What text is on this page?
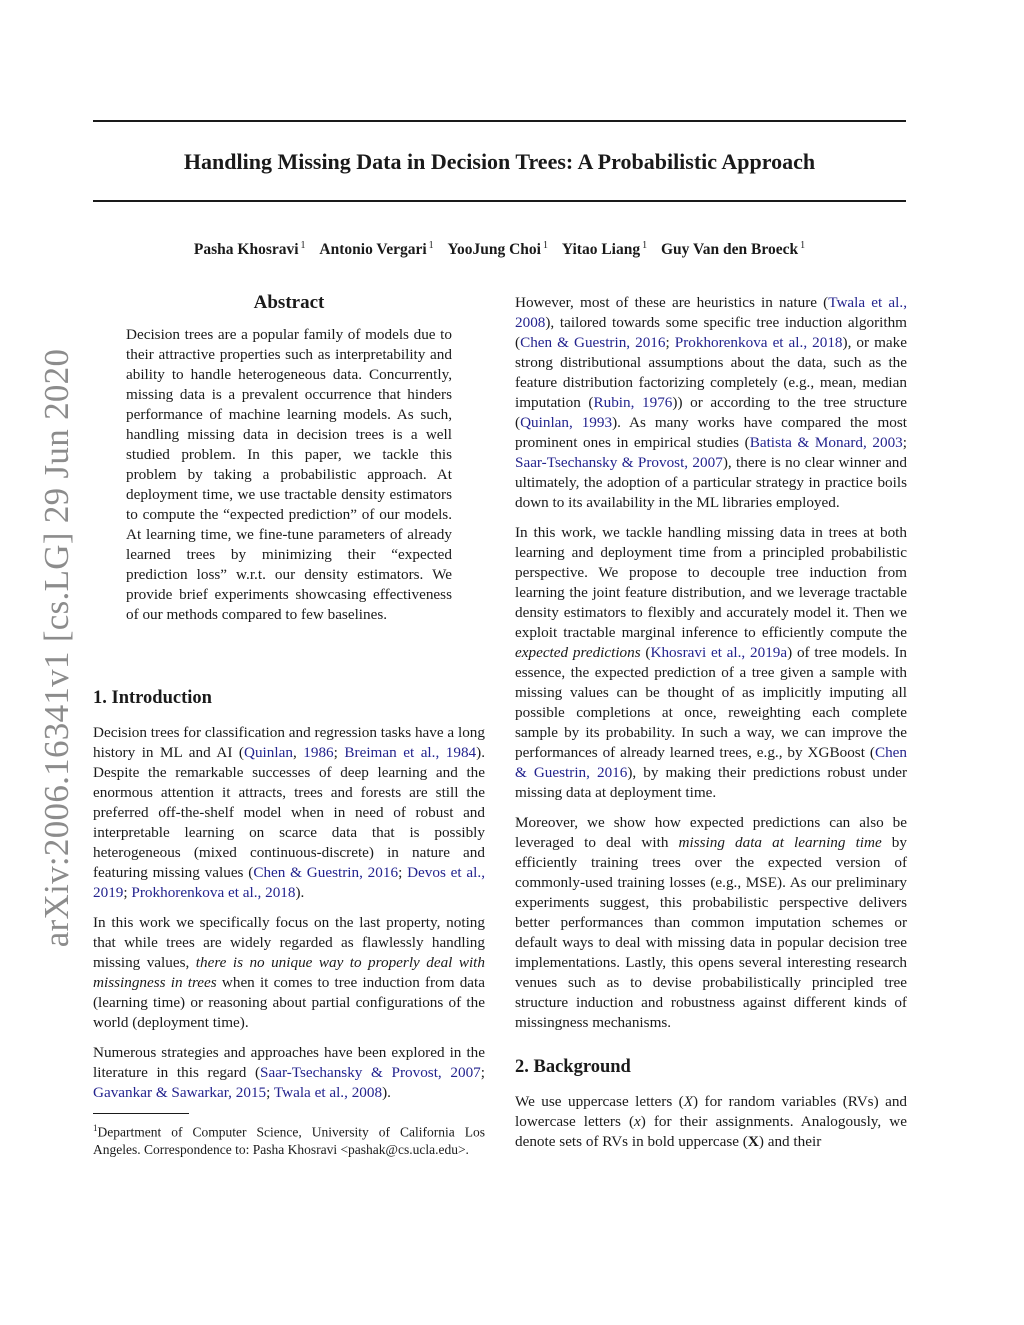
Handling Missing Data in Decision Trees: A Probabilistic Approach
Pasha Khosravi $^1$ Antonio Vergari $^1$ YooJung Choi $^1$ Yitao Liang $^1$ Guy Van den Broeck $^1$
arXiv:2006.16341v1 [cs.LG] 29 Jun 2020
Abstract
Decision trees are a popular family of models due to their attractive properties such as interpretability and ability to handle heterogeneous data. Concurrently, missing data is a prevalent occurrence that hinders performance of machine learning models. As such, handling missing data in decision trees is a well studied problem. In this paper, we tackle this problem by taking a probabilistic approach. At deployment time, we use tractable density estimators to compute the “expected prediction” of our models. At learning time, we fine-tune parameters of already learned trees by minimizing their “expected prediction loss” w.r.t. our density estimators. We provide brief experiments showcasing effectiveness of our methods compared to few baselines.
1. Introduction

Decision trees for classification and regression tasks have a long history in ML and AI (Quinlan, 1986; Breiman et al., 1984). Despite the remarkable successes of deep learning and the enormous attention it attracts, trees and forests are still the preferred off-the-shelf model when in need of robust and interpretable learning on scarce data that is possibly heterogeneous (mixed continuous-discrete) in nature and featuring missing values (Chen & Guestrin, 2016; Devos et al., 2019; Prokhorenkova et al., 2018).

In this work we specifically focus on the last property, noting that while trees are widely regarded as flawlessly handling missing values, there is no unique way to properly deal with missingness in trees when it comes to tree induction from data (learning time) or reasoning about partial configurations of the world (deployment time).

Numerous strategies and approaches have been explored in the literature in this regard (Saar-Tsechansky & Provost, 2007; Gavankar & Sawarkar, 2015; Twala et al., 2008).

$^1$Department of Computer Science, University of California Los Angeles. Correspondence to: Pasha Khosravi <pashak@cs.ucla.edu>.

However, most of these are heuristics in nature (Twala et al., 2008), tailored towards some specific tree induction algorithm (Chen & Guestrin, 2016; Prokhorenkova et al., 2018), or make strong distributional assumptions about the data, such as the feature distribution factorizing completely (e.g., mean, median imputation (Rubin, 1976)) or according to the tree structure (Quinlan, 1993). As many works have compared the most prominent ones in empirical studies (Batista & Monard, 2003; Saar-Tsechansky & Provost, 2007), there is no clear winner and ultimately, the adoption of a particular strategy in practice boils down to its availability in the ML libraries employed.

In this work, we tackle handling missing data in trees at both learning and deployment time from a principled probabilistic perspective. We propose to decouple tree induction from learning the joint feature distribution, and we leverage tractable density estimators to flexibly and accurately model it. Then we exploit tractable marginal inference to efficiently compute the expected predictions (Khosravi et al., 2019a) of tree models. In essence, the expected prediction of a tree given a sample with missing values can be thought of as implicitly imputing all possible completions at once, reweighting each complete sample by its probability. In such a way, we can improve the performances of already learned trees, e.g., by XGBoost (Chen & Guestrin, 2016), by making their predictions robust under missing data at deployment time.

Moreover, we show how expected predictions can also be leveraged to deal with missing data at learning time by efficiently training trees over the expected version of commonly-used training losses (e.g., MSE). As our preliminary experiments suggest, this probabilistic perspective delivers better performances than common imputation schemes or default ways to deal with missing data in popular decision tree implementations. Lastly, this opens several interesting research venues such as to devise probabilistically principled tree structure induction and robustness against different kinds of missingness mechanisms.

2. Background

We use uppercase letters (X) for random variables (RVs) and lowercase letters (x) for their assignments. Analogously, we denote sets of RVs in bold uppercase (X) and their
